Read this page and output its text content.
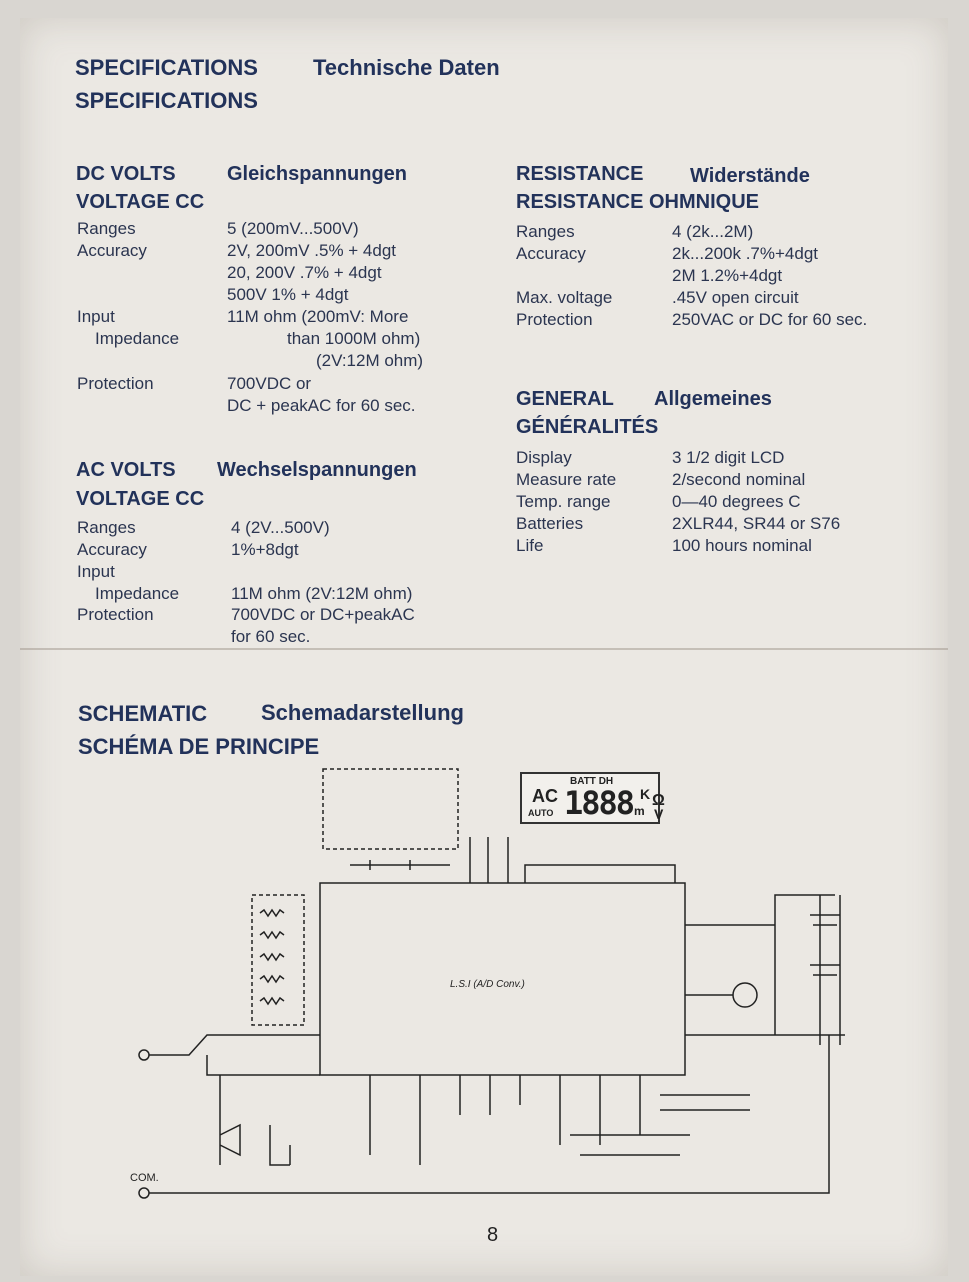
SPECIFICATIONS	Technische Daten
SPECIFICATIONS
DC VOLTS	Gleichspannungen
VOLTAGE CC
Ranges	5 (200mV...500V)
Accuracy	2V, 200mV .5% + 4dgt
20, 200V .7% + 4dgt
500V 1% + 4dgt
Input	11M ohm (200mV: More
Impedance	than 1000M ohm)
(2V:12M ohm)
Protection	700VDC or
DC + peakAC for 60 sec.
AC VOLTS Wechselspannungen
VOLTAGE CC
Ranges	4 (2V...500V)
Accuracy	1%+8dgt
Input
Impedance	11M ohm (2V:12M ohm)
Protection	700VDC or DC+peakAC
for 60 sec.
RESISTANCE Widerstände
RESISTANCE OHMNIQUE
Ranges	4 (2k...2M)
Accuracy	2k...200k .7%+4dgt
2M 1.2%+4dgt
Max. voltage	.45V open circuit
Protection	250VAC or DC for 60 sec.
GENERAL Allgemeines
GÉNÉRALITÉS
Display	3 1/2 digit LCD
Measure rate	2/second nominal
Temp. range	0—40 degrees C
Batteries	2XLR44, SR44 or S76
Life	100 hours nominal
SCHEMATIC Schemadarstellung
SCHÉMA DE PRINCIPE
BATT DH
AC
AUTO 1888 K
m
Ω
V
L.S.I (A/D Conv.)
COM.
8
